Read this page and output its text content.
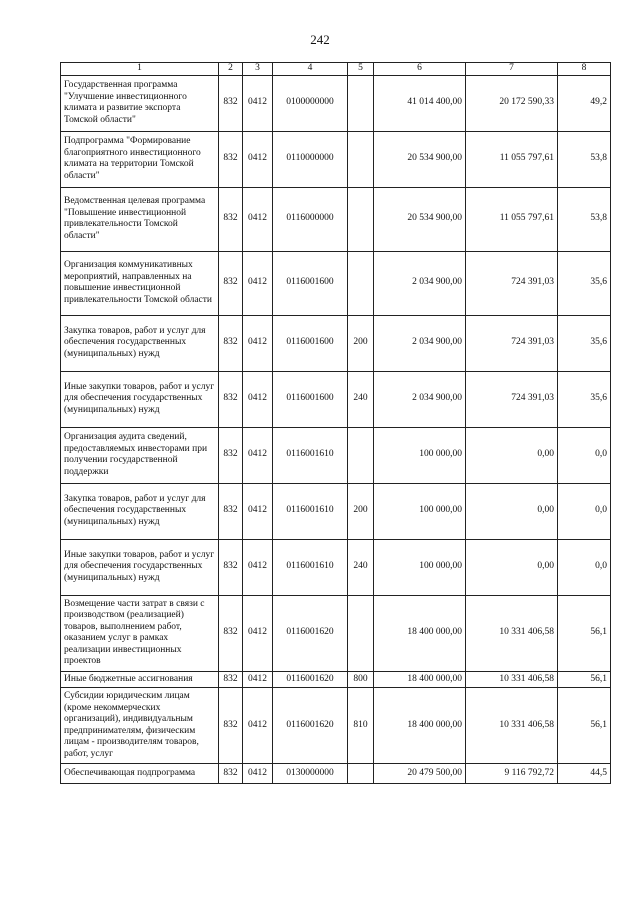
242
1	2	3	4	5	6	7	8
Государственная программа "Улучшение инвестиционного климата и развитие экспорта Томской области"	832	0412	0100000000		41 014 400,00	20 172 590,33	49,2
Подпрограмма "Формирование благоприятного инвестиционного климата на территории Томской области"	832	0412	0110000000		20 534 900,00	11 055 797,61	53,8
Ведомственная целевая программа "Повышение инвестиционной привлекательности Томской области"	832	0412	0116000000		20 534 900,00	11 055 797,61	53,8
Организация коммуникативных мероприятий, направленных на повышение инвестиционной привлекательности Томской области	832	0412	0116001600		2 034 900,00	724 391,03	35,6
Закупка товаров, работ и услуг для обеспечения государственных (муниципальных) нужд	832	0412	0116001600	200	2 034 900,00	724 391,03	35,6
Иные закупки товаров, работ и услуг для обеспечения государственных (муниципальных) нужд	832	0412	0116001600	240	2 034 900,00	724 391,03	35,6
Организация аудита сведений, предоставляемых инвесторами при получении государственной поддержки	832	0412	0116001610		100 000,00	0,00	0,0
Закупка товаров, работ и услуг для обеспечения государственных (муниципальных) нужд	832	0412	0116001610	200	100 000,00	0,00	0,0
Иные закупки товаров, работ и услуг для обеспечения государственных (муниципальных) нужд	832	0412	0116001610	240	100 000,00	0,00	0,0
Возмещение части затрат в связи с производством (реализацией) товаров, выполнением работ, оказанием услуг в рамках реализации инвестиционных проектов	832	0412	0116001620		18 400 000,00	10 331 406,58	56,1
Иные бюджетные ассигнования	832	0412	0116001620	800	18 400 000,00	10 331 406,58	56,1
Субсидии юридическим лицам (кроме некоммерческих организаций), индивидуальным предпринимателям, физическим лицам - производителям товаров, работ, услуг	832	0412	0116001620	810	18 400 000,00	10 331 406,58	56,1
Обеспечивающая подпрограмма	832	0412	0130000000		20 479 500,00	9 116 792,72	44,5
